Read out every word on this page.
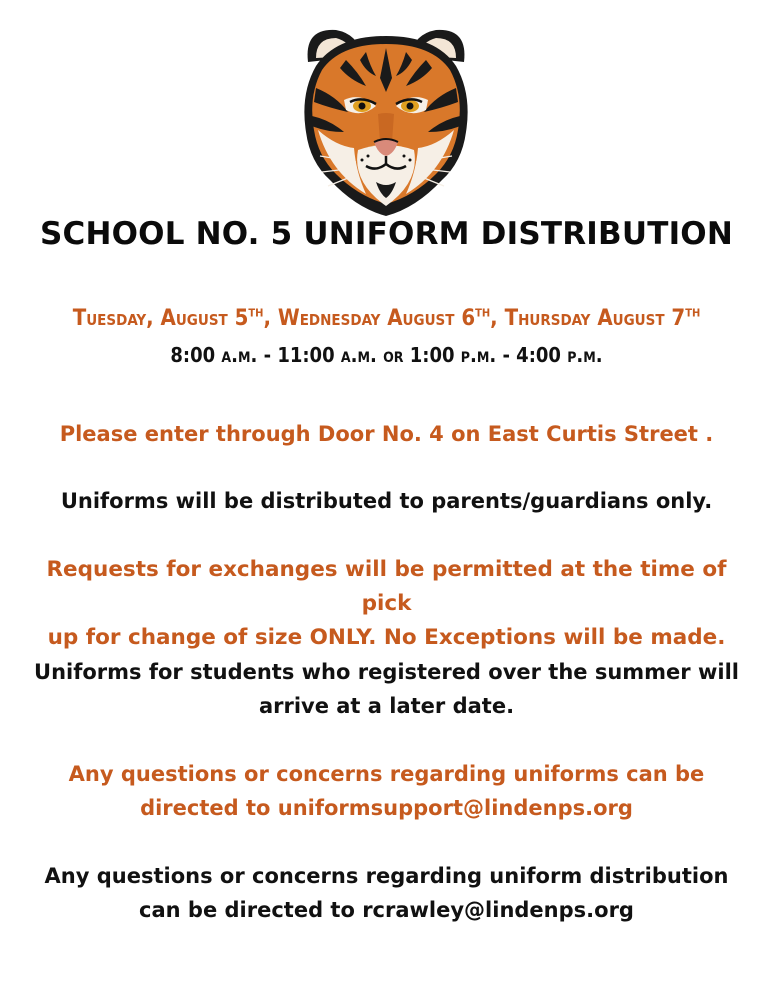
SCHOOL NO. 5 UNIFORM DISTRIBUTION
Tuesday, August 5TH, Wednesday August 6TH, Thursday August 7TH
8:00 a.m. - 11:00 a.m. or 1:00 p.m. - 4:00 p.m.
Please enter through Door No. 4 on East Curtis Street .
Uniforms will be distributed to parents/guardians only.
Requests for exchanges will be permitted at the time of pick
up for change of size ONLY. No Exceptions will be made.
Uniforms for students who registered over the summer will
arrive at a later date.
Any questions or concerns regarding uniforms can be
directed to uniformsupport@lindenps.org
Any questions or concerns regarding uniform distribution
can be directed to rcrawley@lindenps.org
